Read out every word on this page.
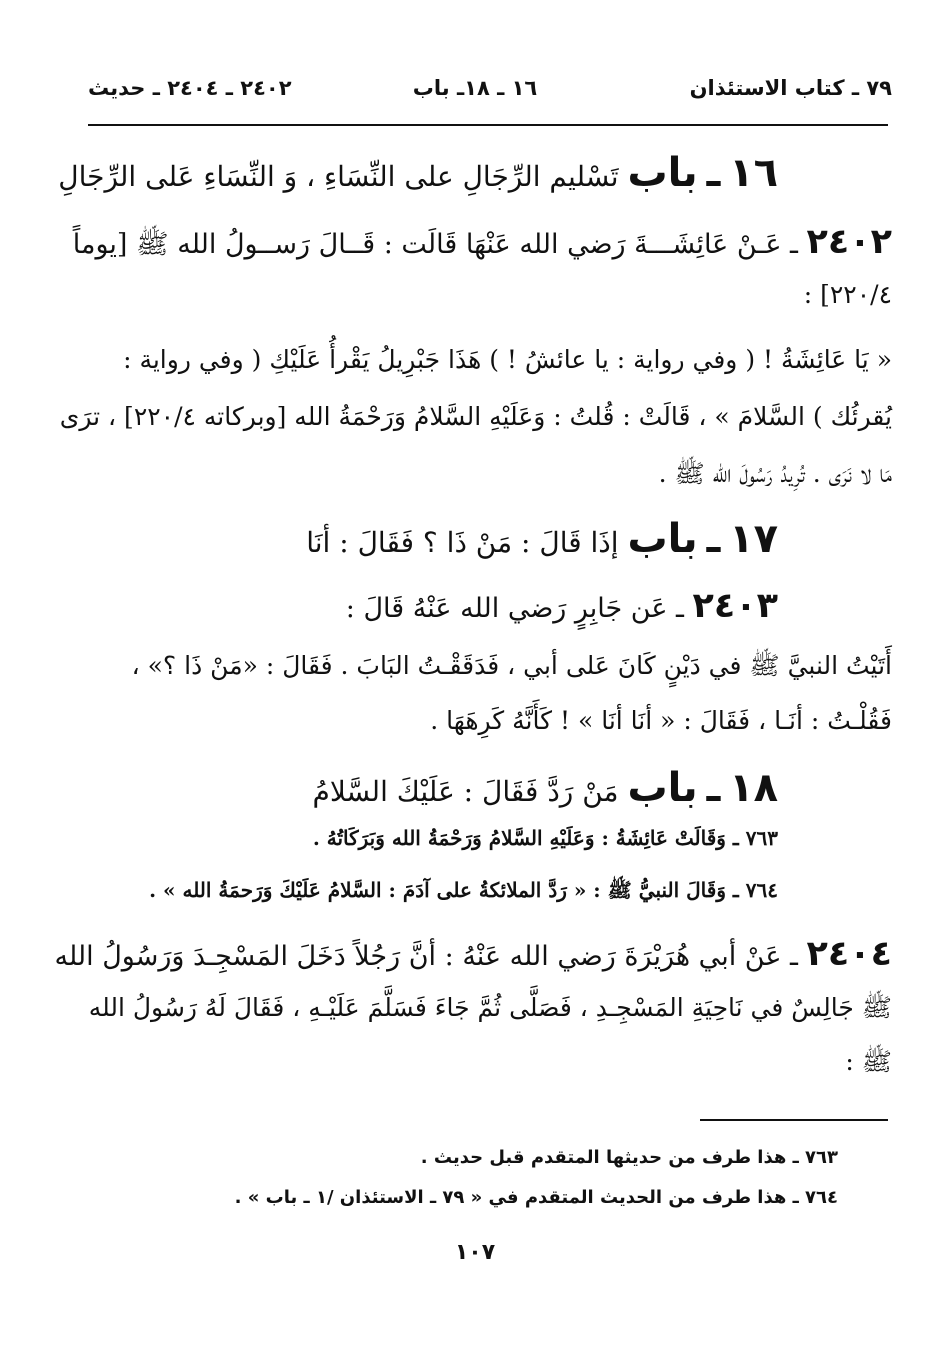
٧٩ ـ كتاب الاستئذان
١٦ ـ ١٨ـ باب
٢٤٠٢ ـ ٢٤٠٤ ـ حديث
١٦ ـ باب تَسْليم الرِّجَالِ على النِّسَاءِ ، وَ النِّسَاءِ عَلى الرِّجَالِ
٢٤٠٢ ـ عَـنْ عَائِشَـــةَ رَضي الله عَنْهَا قَالَت : قَــالَ رَســولُ الله ﷺ [يوماً
٢٢٠/٤] :
« يَا عَائِشَةُ ! ( وفي رواية : يا عائشُ ! ) هَذَا جَبْرِيلُ يَقْرأُ عَلَيْكِ ( وفي رواية :
يُقرئُك ) السَّلامَ » ، قَالَتْ : قُلتُ : وَعَلَيْهِ السَّلامُ وَرَحْمَةُ الله [وبركاته ٢٢٠/٤] ، ترَى
مَا لا نَرَى . تُرِيدُ رَسُولَ الله ﷺ .
١٧ ـ باب إذَا قَالَ : مَنْ ذَا ؟ فَقَالَ : أنَا
٢٤٠٣ ـ عَن جَابِرٍ رَضي الله عَنْهُ قَالَ :
أَتَيْتُ النبيَّ ﷺ في دَيْنٍ كَانَ عَلى أبي ، فَدَقَقْـتُ البَابَ . فَقَالَ : «مَنْ ذَا ؟» ،
فَقُلْـتُ : أنَـا ، فَقَالَ : « أنَا أنَا » ! كَأَنَّهُ كَرِهَهَا .
١٨ ـ باب مَنْ رَدَّ فَقَالَ : عَلَيْكَ السَّلامُ
٧٦٣ ـ وَقَالَتْ عَائِشَةُ : وَعَلَيْهِ السَّلامُ وَرَحْمَةُ الله وَبَرَكَاتُهُ .
٧٦٤ ـ وَقَالَ النبيُّ ﷺ : « رَدَّ الملائكةُ على آدَمَ : السَّلامُ عَلَيْكَ وَرَحمَةُ الله » .
٢٤٠٤ ـ عَنْ أبي هُرَيْرَةَ رَضي الله عَنْهُ : أنَّ رَجُلاً دَخَلَ المَسْجِـدَ وَرَسُولُ الله
ﷺ جَالِسٌ في نَاحِيَةِ المَسْجِـدِ ، فَصَلَّى ثُمَّ جَاءَ فَسَلَّمَ عَلَيْـهِ ، فَقَالَ لَهُ رَسُولُ الله
ﷺ :
٧٦٣ ـ هذا طرف من حديثها المتقدم قبل حديث .
٧٦٤ ـ هذا طرف من الحديث المتقدم في « ٧٩ ـ الاستئذان /١ ـ باب » .
١٠٧
